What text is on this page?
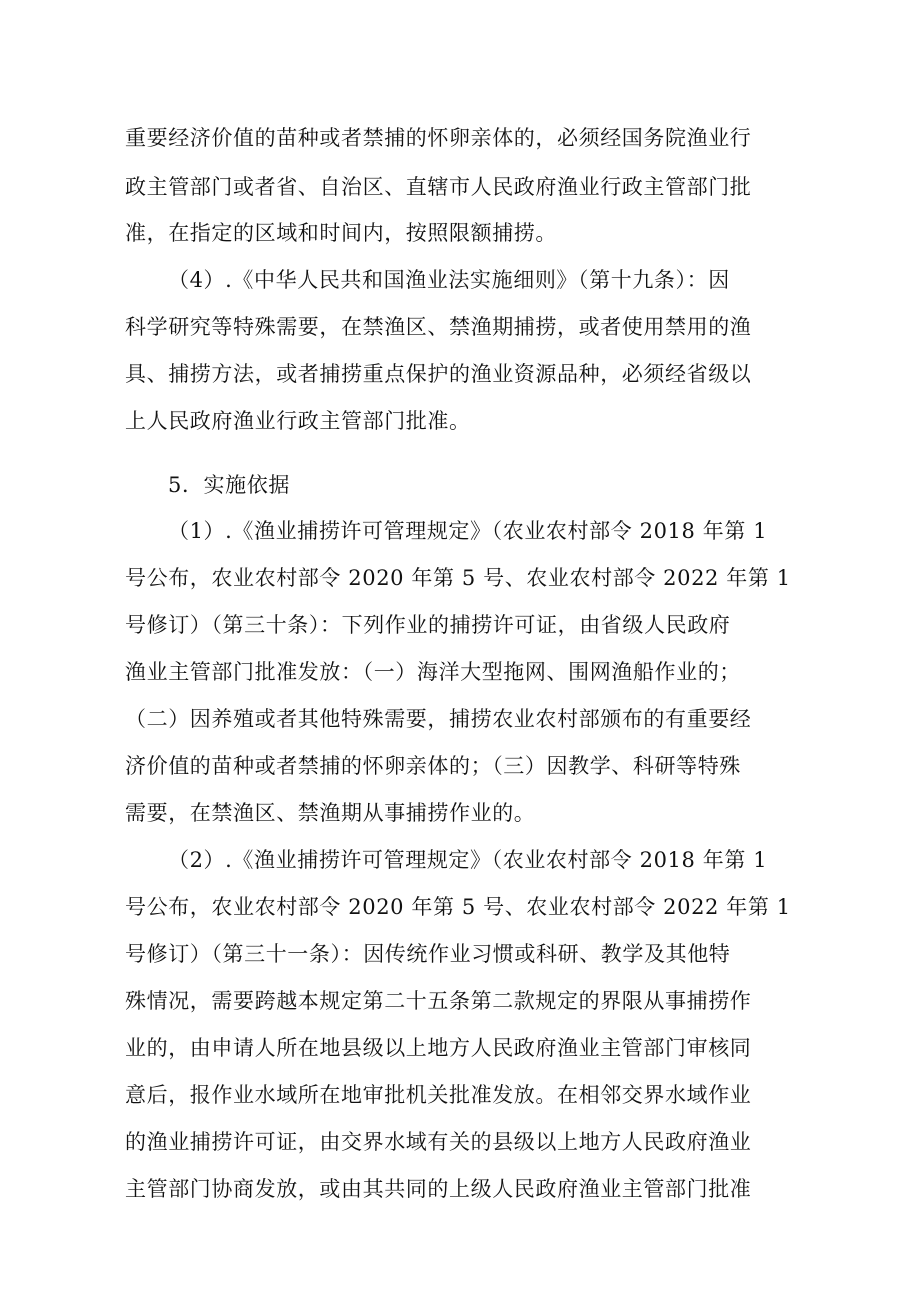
重要经济价值的苗种或者禁捕的怀卵亲体的，必须经国务院渔业行
政主管部门或者省、自治区、直辖市人民政府渔业行政主管部门批
准，在指定的区域和时间内，按照限额捕捞。
（4）.《中华人民共和国渔业法实施细则》（第十九条）：因
科学研究等特殊需要，在禁渔区、禁渔期捕捞，或者使用禁用的渔
具、捕捞方法，或者捕捞重点保护的渔业资源品种，必须经省级以
上人民政府渔业行政主管部门批准。
5．实施依据
（1）.《渔业捕捞许可管理规定》（农业农村部令 2018 年第 1
号公布，农业农村部令 2020 年第 5 号、农业农村部令 2022 年第 1
号修订）（第三十条）：下列作业的捕捞许可证，由省级人民政府
渔业主管部门批准发放：（一）海洋大型拖网、围网渔船作业的；
（二）因养殖或者其他特殊需要，捕捞农业农村部颁布的有重要经
济价值的苗种或者禁捕的怀卵亲体的；（三）因教学、科研等特殊
需要，在禁渔区、禁渔期从事捕捞作业的。
（2）.《渔业捕捞许可管理规定》（农业农村部令 2018 年第 1
号公布，农业农村部令 2020 年第 5 号、农业农村部令 2022 年第 1
号修订）（第三十一条）：因传统作业习惯或科研、教学及其他特
殊情况，需要跨越本规定第二十五条第二款规定的界限从事捕捞作
业的，由申请人所在地县级以上地方人民政府渔业主管部门审核同
意后，报作业水域所在地审批机关批准发放。在相邻交界水域作业
的渔业捕捞许可证，由交界水域有关的县级以上地方人民政府渔业
主管部门协商发放，或由其共同的上级人民政府渔业主管部门批准
